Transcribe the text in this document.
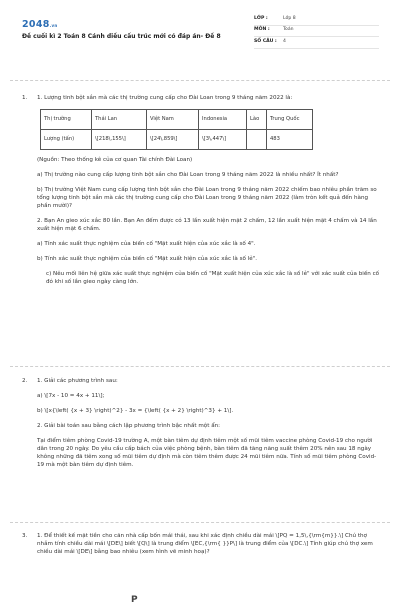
2048.vn
Đề cuối kì 2 Toán 8 Cánh diều cấu trúc mới có đáp án- Đề 8
LỚP :	Lớp 8
MÔN :	Toán
SỐ CÂU :	4
1. 1. Lượng tinh bột sắn mà các thị trường cung cấp cho Đài Loan trong 9 tháng năm 2022 là:

Thị trường	Thái Lan	Việt Nam	Indonesia	Lào	Trung Quốc
Lượng (tấn)	\[218\,155\]	\[24\,859\]	\[3\,447\]		483

(Nguồn: Theo thống kê của cơ quan Tài chính Đài Loan)

a) Thị trường nào cung cấp lượng tinh bột sắn cho Đài Loan trong 9 tháng năm 2022 là nhiều nhất? Ít nhất?

b) Thị trường Việt Nam cung cấp lượng tinh bột sắn cho Đài Loan trong 9 tháng năm 2022 chiếm bao nhiêu phần trăm so tổng lượng tinh bột sắn mà các thị trường cung cấp cho Đài Loan trong 9 tháng năm 2022 (làm tròn kết quả đến hàng phần mười)?

2. Bạn An gieo xúc xắc 80 lần. Bạn An đếm được có 13 lần xuất hiện mặt 2 chấm, 12 lần xuất hiện mặt 4 chấm và 14 lần xuất hiện mặt 6 chấm.

a) Tính xác suất thực nghiệm của biến cố "Mặt xuất hiện của xúc xắc là số 4".

b) Tính xác suất thực nghiệm của biến cố "Mặt xuất hiện của xúc xắc là số lẻ".

c) Nêu mối liên hệ giữa xác suất thực nghiệm của biến cố "Mặt xuất hiện của xúc xắc là số lẻ" với xác suất của biến cố đó khi số lần gieo ngày càng lớn.

2. 1. Giải các phương trình sau:

a) \[7x - 10 = 4x + 11\];

b) \[x{\left( {x + 3} \right)^2} - 3x = {\left( {x + 2} \right)^3} + 1\].

2. Giải bài toán sau bằng cách lập phương trình bậc nhất một ẩn:

Tại điểm tiêm phòng Covid-19 trường A, một bàn tiêm dự định tiêm một số mũi tiêm vaccine phòng Covid-19 cho người dân trong 20 ngày. Do yêu cầu cấp bách của việc phòng bệnh, bàn tiêm đã tăng năng suất thêm 20% nên sau 18 ngày không những đã tiêm xong số mũi tiêm dự định mà còn tiêm thêm được 24 mũi tiêm nữa. Tính số mũi tiêm phòng Covid-19 mà một bàn tiêm dự định tiêm.

3. 1. Để thiết kế mặt tiền cho căn nhà cấp bốn mái thái, sau khi xác định chiều dài mái \[PQ = 1,5\,{\rm{m}}.\] Chú thợ nhắm tính chiều dài mái \[DE\] biết \[Q\] là trung điểm \[EC,{\rm{ }}P\] là trung điểm của \[DC.\] Tính giúp chú thợ xem chiều dài mái \[DE\] bằng bao nhiêu (xem hình vẽ minh hoạ)?

P
